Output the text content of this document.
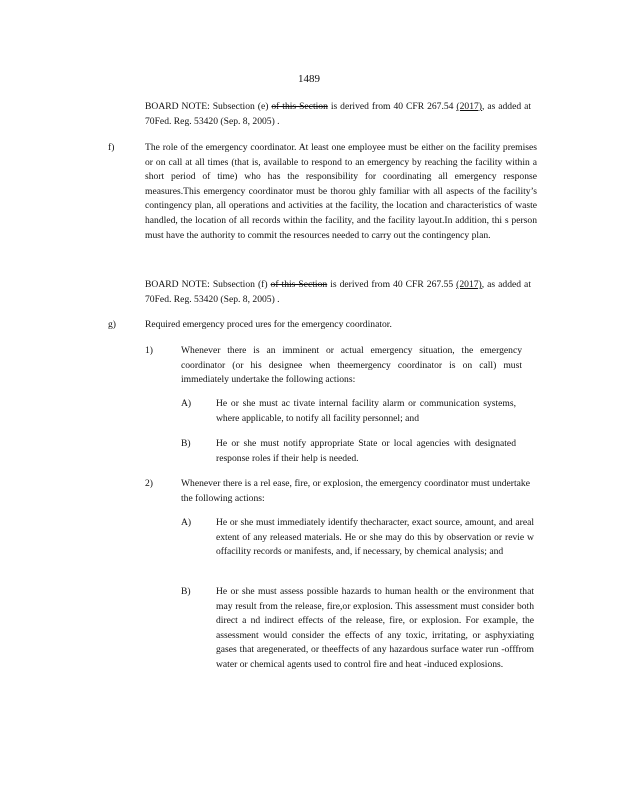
1489
BOARD NOTE: Subsection (e) of this Section is derived from 40 CFR 267.54 (2017), as added at 70Fed. Reg. 53420 (Sep. 8, 2005) .
f)	The role of the emergency coordinator. At least one employee must be either on the facility premises or on call at all times (that is, available to respond to an emergency by reaching the facility within a short period of time) who has the responsibility for coordinating all emergency response measures.This emergency coordinator must be thorou ghly familiar with all aspects of the facility’s contingency plan, all operations and activities at the facility, the location and characteristics of waste handled, the location of all records within the facility, and the facility layout.In addition, thi s person must have the authority to commit the resources needed to carry out the contingency plan.
BOARD NOTE: Subsection (f) of this Section is derived from 40 CFR 267.55 (2017), as added at 70Fed. Reg. 53420 (Sep. 8, 2005) .
g)	Required emergency proced ures for the emergency coordinator.
1)	Whenever there is an imminent or actual emergency situation, the emergency coordinator (or his designee when theemergency coordinator is on call) must immediately undertake the following actions:
A)	He or she must ac tivate internal facility alarm or communication systems, where applicable, to notify all facility personnel; and
B)	He or she must notify appropriate State or local agencies with designated response roles if their help is needed.
2)	Whenever there is a rel ease, fire, or explosion, the emergency coordinator must undertake the following actions:
A)	He or she must immediately identify thecharacter, exact source, amount, and areal extent of any released materials. He or she may do this by observation or revie w offacility records or manifests, and, if necessary, by chemical analysis; and
B)	He or she must assess possible hazards to human health or the environment that may result from the release, fire,or explosion. This assessment must consider both direct a nd indirect effects of the release, fire, or explosion. For example, the assessment would consider the effects of any toxic, irritating, or asphyxiating gases that aregenerated, or theeffects of any hazardous surface water run -offfrom water or chemical agents used to control fire and heat -induced explosions.
